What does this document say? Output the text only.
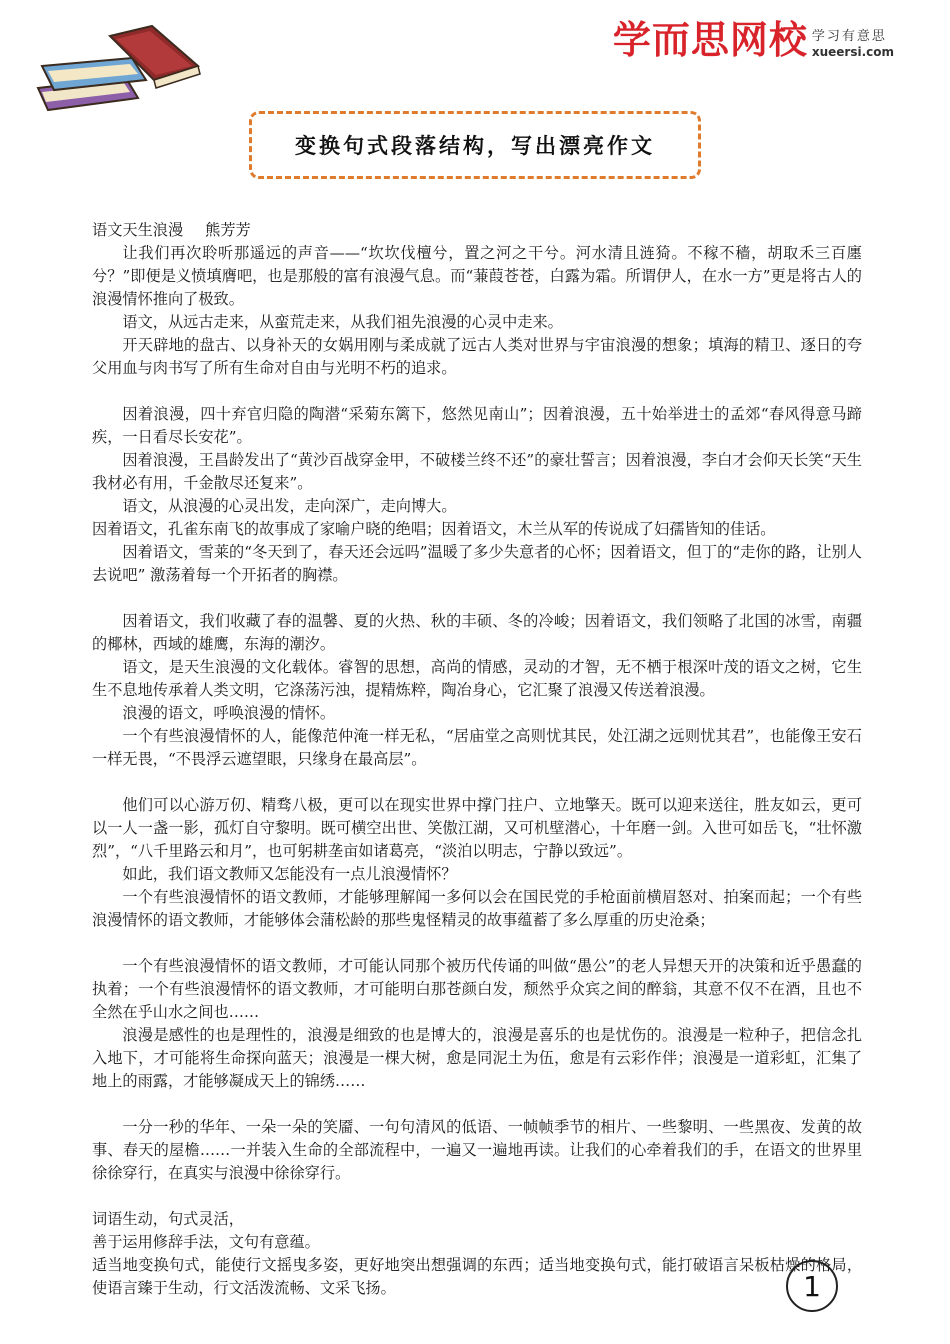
学而思网校 学习有意思
xueersi.com
变换句式段落结构，写出漂亮作文

语文天生浪漫 熊芳芳

让我们再次聆听那遥远的声音——“坎坎伐檀兮，置之河之干兮。河水清且涟猗。不稼不穑，胡取禾三百廛兮？”即便是义愤填膺吧，也是那般的富有浪漫气息。而“蒹葭苍苍，白露为霜。所谓伊人，在水一方”更是将古人的浪漫情怀推向了极致。

语文，从远古走来，从蛮荒走来，从我们祖先浪漫的心灵中走来。

开天辟地的盘古、以身补天的女娲用刚与柔成就了远古人类对世界与宇宙浪漫的想象；填海的精卫、逐日的夸父用血与肉书写了所有生命对自由与光明不朽的追求。

因着浪漫，四十弃官归隐的陶潜“采菊东篱下，悠然见南山”；因着浪漫，五十始举进士的孟郊“春风得意马蹄疾，一日看尽长安花”。

因着浪漫，王昌龄发出了“黄沙百战穿金甲，不破楼兰终不还”的豪壮誓言；因着浪漫，李白才会仰天长笑“天生我材必有用，千金散尽还复来”。

语文，从浪漫的心灵出发，走向深广，走向博大。

因着语文，孔雀东南飞的故事成了家喻户晓的绝唱；因着语文，木兰从军的传说成了妇孺皆知的佳话。

因着语文，雪莱的“冬天到了，春天还会远吗”温暖了多少失意者的心怀；因着语文，但丁的“走你的路，让别人去说吧” 激荡着每一个开拓者的胸襟。

因着语文，我们收藏了春的温馨、夏的火热、秋的丰硕、冬的冷峻；因着语文，我们领略了北国的冰雪，南疆的椰林，西域的雄鹰，东海的潮汐。

语文，是天生浪漫的文化载体。睿智的思想，高尚的情感，灵动的才智，无不栖于根深叶茂的语文之树，它生生不息地传承着人类文明，它涤荡污浊，提精炼粹，陶冶身心，它汇聚了浪漫又传送着浪漫。

浪漫的语文，呼唤浪漫的情怀。

一个有些浪漫情怀的人，能像范仲淹一样无私，“居庙堂之高则忧其民，处江湖之远则忧其君”，也能像王安石一样无畏，“不畏浮云遮望眼，只缘身在最高层”。

他们可以心游万仞、精骛八极，更可以在现实世界中撑门拄户、立地擎天。既可以迎来送往，胜友如云，更可以一人一盏一影，孤灯自守黎明。既可横空出世、笑傲江湖，又可机壁潜心，十年磨一剑。入世可如岳飞，“壮怀激烈”，“八千里路云和月”，也可躬耕垄亩如诸葛亮，“淡泊以明志，宁静以致远”。

如此，我们语文教师又怎能没有一点儿浪漫情怀？

一个有些浪漫情怀的语文教师，才能够理解闻一多何以会在国民党的手枪面前横眉怒对、拍案而起；一个有些浪漫情怀的语文教师，才能够体会蒲松龄的那些鬼怪精灵的故事蕴蓄了多么厚重的历史沧桑；

一个有些浪漫情怀的语文教师，才可能认同那个被历代传诵的叫做“愚公”的老人异想天开的决策和近乎愚蠢的执着；一个有些浪漫情怀的语文教师，才可能明白那苍颜白发，颓然乎众宾之间的醉翁，其意不仅不在酒，且也不全然在乎山水之间也……

浪漫是感性的也是理性的，浪漫是细致的也是博大的，浪漫是喜乐的也是忧伤的。浪漫是一粒种子，把信念扎入地下，才可能将生命探向蓝天；浪漫是一棵大树，愈是同泥土为伍，愈是有云彩作伴；浪漫是一道彩虹，汇集了地上的雨露，才能够凝成天上的锦绣……

一分一秒的华年、一朵一朵的笑靥、一句句清风的低语、一帧帧季节的相片、一些黎明、一些黑夜、发黄的故事、春天的屋檐……一并装入生命的全部流程中，一遍又一遍地再读。让我们的心牵着我们的手，在语文的世界里徐徐穿行，在真实与浪漫中徐徐穿行。

词语生动，句式灵活，

善于运用修辞手法，文句有意蕴。

适当地变换句式，能使行文摇曳多姿，更好地突出想强调的东西；适当地变换句式，能打破语言呆板枯燥的格局，使语言臻于生动，行文活泼流畅、文采飞扬。	1
